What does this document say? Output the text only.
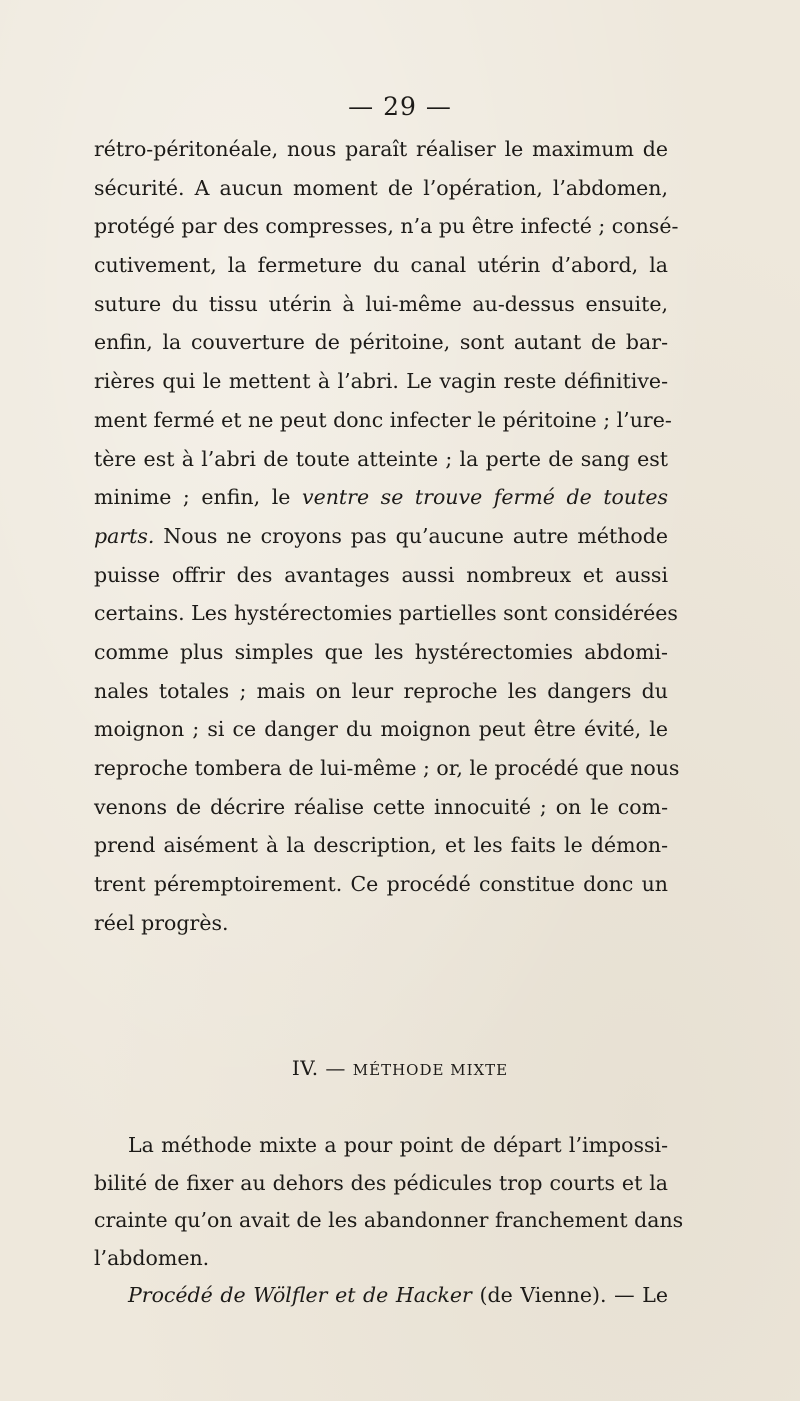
— 29 —
rétro-péritonéale, nous paraît réaliser le maximum de
sécurité. A aucun moment de l’opération, l’abdomen,
protégé par des compresses, n’a pu être infecté ; consé-
cutivement, la fermeture du canal utérin d’abord, la
suture du tissu utérin à lui-même au-dessus ensuite,
enfin, la couverture de péritoine, sont autant de bar-
rières qui le mettent à l’abri. Le vagin reste définitive-
ment fermé et ne peut donc infecter le péritoine ; l’ure-
tère est à l’abri de toute atteinte ; la perte de sang est
minime ; enfin, le ventre se trouve fermé de toutes
parts. Nous ne croyons pas qu’aucune autre méthode
puisse offrir des avantages aussi nombreux et aussi
certains. Les hystérectomies partielles sont considérées
comme plus simples que les hystérectomies abdomi-
nales totales ; mais on leur reproche les dangers du
moignon ; si ce danger du moignon peut être évité, le
reproche tombera de lui-même ; or, le procédé que nous
venons de décrire réalise cette innocuité ; on le com-
prend aisément à la description, et les faits le démon-
trent péremptoirement. Ce procédé constitue donc un
réel progrès.
IV. — MÉTHODE MIXTE
La méthode mixte a pour point de départ l’impossi-
bilité de fixer au dehors des pédicules trop courts et la
crainte qu’on avait de les abandonner franchement dans
l’abdomen.
Procédé de Wölfler et de Hacker (de Vienne). — Le
